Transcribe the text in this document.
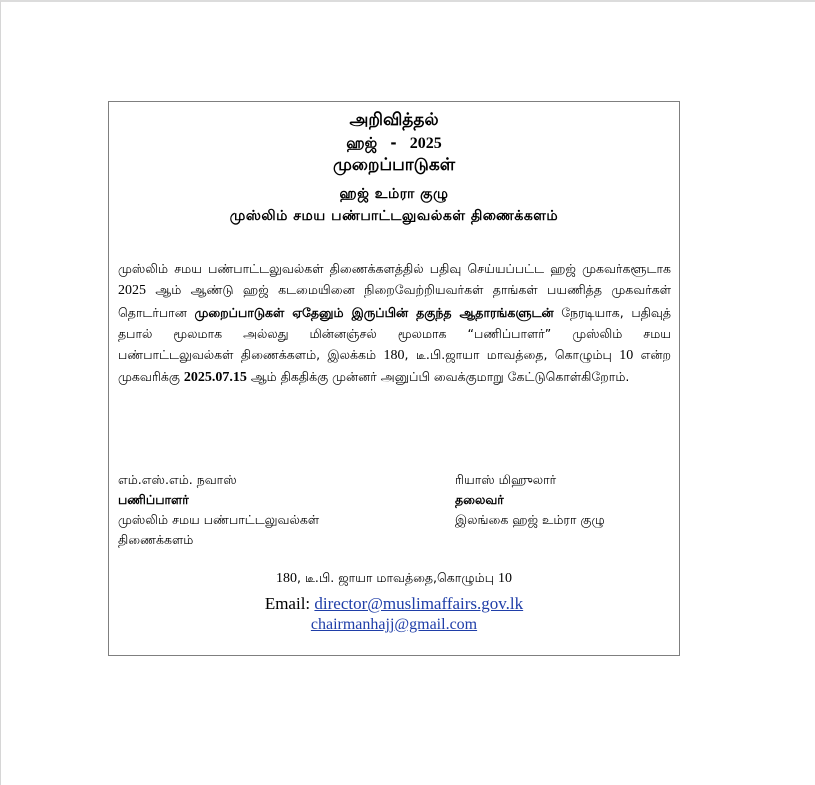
அறிவித்தல்
ஹஜ் - 2025
முறைப்பாடுகள்
ஹஜ் உம்ரா குழு
முஸ்லிம் சமய பண்பாட்டலுவல்கள் திணைக்களம்
முஸ்லிம் சமய பண்பாட்டலுவல்கள் திணைக்களத்தில் பதிவு செய்யப்பட்ட ஹஜ் முகவர்களூடாக 2025 ஆம் ஆண்டு ஹஜ் கடமையினை நிறைவேற்றியவர்கள் தாங்கள் பயணித்த முகவர்கள் தொடர்பான முறைப்பாடுகள் ஏதேனும் இருப்பின் தகுந்த ஆதாரங்களுடன் நேரடியாக, பதிவுத் தபால் மூலமாக அல்லது மின்னஞ்சல் மூலமாக “பணிப்பாளர்” முஸ்லிம் சமய பண்பாட்டலுவல்கள் திணைக்களம், இலக்கம் 180, டீ.பி.ஜாயா மாவத்தை, கொழும்பு 10 என்ற முகவரிக்கு 2025.07.15 ஆம் திகதிக்கு முன்னர் அனுப்பி வைக்குமாறு கேட்டுகொள்கிறோம்.
எம்.எஸ்.எம். நவாஸ்
பணிப்பாளர்
முஸ்லிம் சமய பண்பாட்டலுவல்கள் திணைக்களம்
ரியாஸ் மிஹுலார்
தலைவர்
இலங்கை ஹஜ் உம்ரா குழு
180, டீ.பி. ஜாயா மாவத்தை,கொழும்பு 10
Email: director@muslimaffairs.gov.lk
chairmanhajj@gmail.com
